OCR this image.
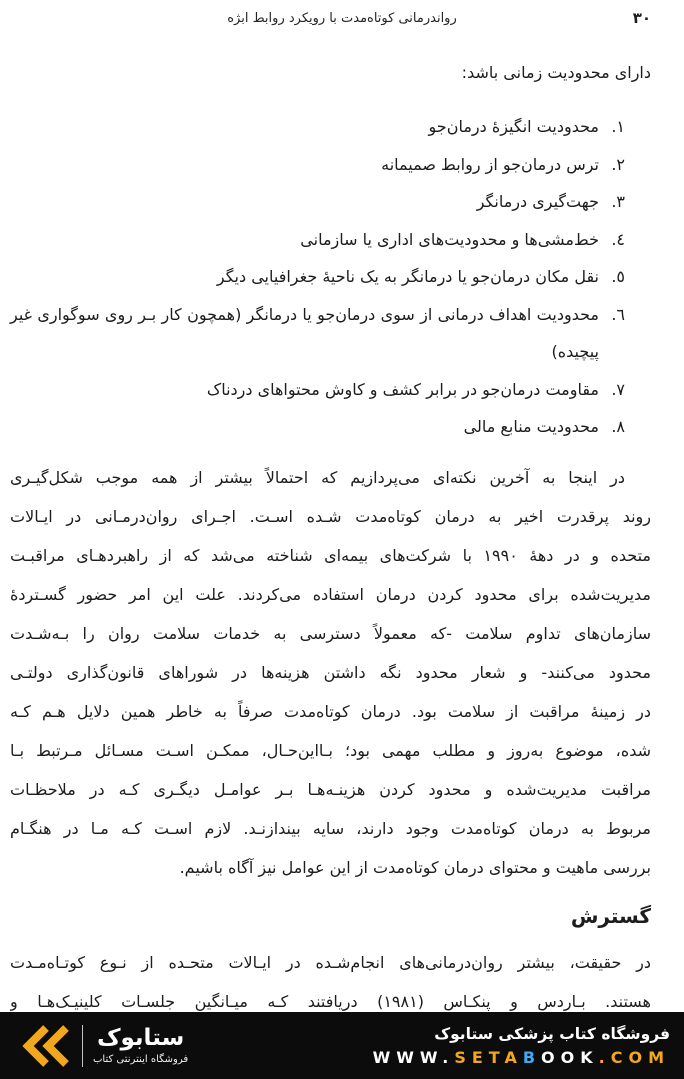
رواندرمانی کوتاه‌مدت با رویکرد روابط ابژه	۳۰

دارای محدودیت زمانی باشد:

۱.
محدودیت انگیزهٔ درمان‌جو
۲.
ترس درمان‌جو از روابط صمیمانه
۳.
جهت‌گیری درمانگر
٤.
خط‌مشی‌ها و محدودیت‌های اداری یا سازمانی
٥.
نقل مکان درمان‌جو یا درمانگر به یک ناحیهٔ جغرافیایی دیگر
٦.
محدودیت اهداف درمانی از سوی درمان‌جو یا درمانگر (همچون کار بـر روی سوگواری غیر پیچیده)
۷.
مقاومت درمان‌جو در برابر کشف و کاوش محتواهای دردناک
۸.
محدودیت منابع مالی
در اینجا به آخرین نکته‌ای می‌پردازیم که احتمالاً بیشتر از همه موجب شکل‌گیـری
روند پرقدرت اخیر به درمان کوتاه‌مدت شـده اسـت. اجـرای روان‌درمـانی در ایـالات
متحده و در دههٔ ۱۹۹۰ با شرکت‌های بیمه‌ای شناخته می‌شد که از راهبردهـای مراقبـت
مدیریت‌شده برای محدود کردن درمان استفاده می‌کردند. علت این امر حضور گسـتردهٔ
سازمان‌های تداوم سلامت -که معمولاً دسترسی به خدمات سلامت روان را بـه‌شـدت
محدود می‌کنند- و شعار محدود نگه داشتن هزینه‌ها در شوراهای قانون‌گذاری دولتـی
در زمینهٔ مراقبت از سلامت بود. درمان کوتاه‌مدت صرفاً به خاطر همین دلایل هـم کـه
شده، موضوع به‌روز و مطلب مهمی بود؛ بـااین‌حـال، ممکـن اسـت مسـائل مـرتبط بـا
مراقبت مدیریت‌شده و محدود کردن هزینـه‌هـا بـر عوامـل دیگـری کـه در ملاحظـات
مربوط به درمان کوتاه‌مدت وجود دارند، سایه بیندازنـد. لازم اسـت کـه مـا در هنگـام
بررسی ماهیت و محتوای درمان کوتاه‌مدت از این عوامل نیز آگاه باشیم.
گسترش
در حقیقت، بیشتر روان‌درمانی‌های انجام‌شـده در ایـالات متحـده از نـوع کوتـاه‌مـدت
هستند. بـاردس و پنکـاس (۱۹۸۱) دریافتند کـه میـانگین جلسـات کلینیـک‌هـا و
فروشگاه کتاب پزشکی ستابوک
WWW.SETABOOK.COM
ستابوک
فروشگاه اینترنتی کتاب
